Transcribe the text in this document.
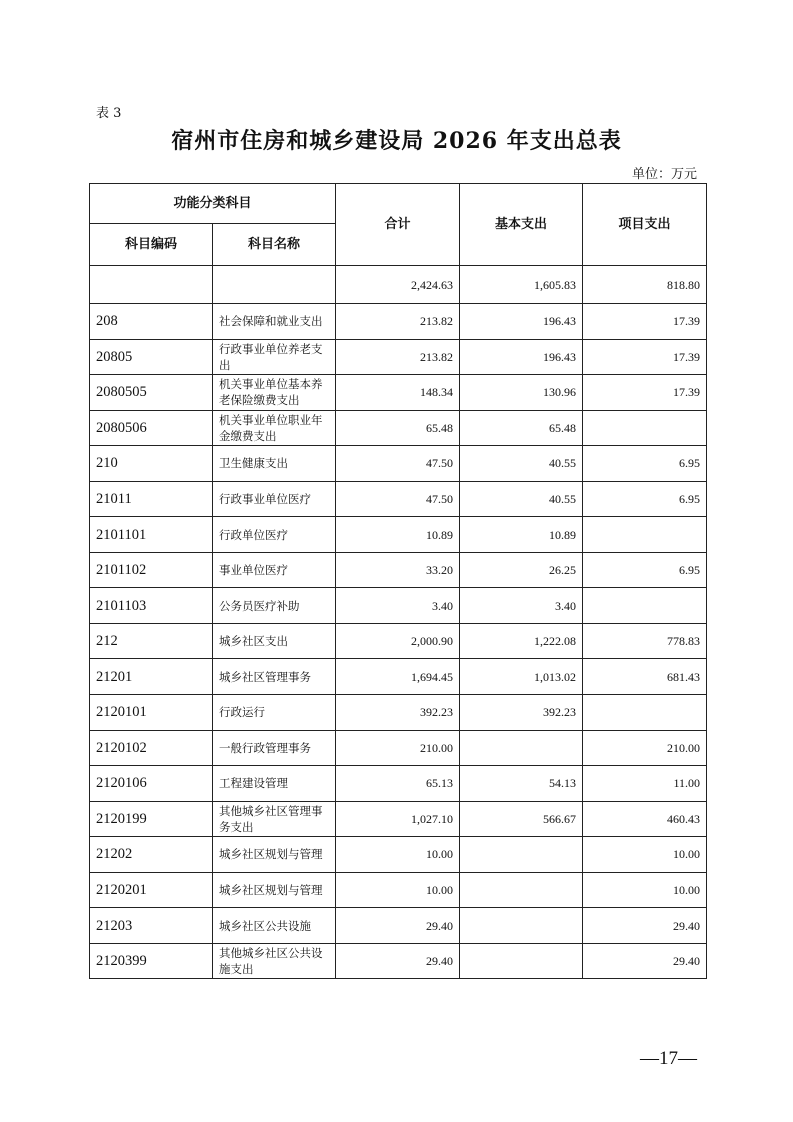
表 3
宿州市住房和城乡建设局 2026 年支出总表
单位：万元
功能分类科目		合计	基本支出	项目支出
科目编码	科目名称			
		2,424.63	1,605.83	818.80
208	社会保障和就业支出	213.82	196.43	17.39
20805	行政事业单位养老支出	213.82	196.43	17.39
2080505	机关事业单位基本养老保险缴费支出	148.34	130.96	17.39
2080506	机关事业单位职业年金缴费支出	65.48	65.48	
210	卫生健康支出	47.50	40.55	6.95
21011	行政事业单位医疗	47.50	40.55	6.95
2101101	行政单位医疗	10.89	10.89	
2101102	事业单位医疗	33.20	26.25	6.95
2101103	公务员医疗补助	3.40	3.40	
212	城乡社区支出	2,000.90	1,222.08	778.83
21201	城乡社区管理事务	1,694.45	1,013.02	681.43
2120101	行政运行	392.23	392.23	
2120102	一般行政管理事务	210.00		210.00
2120106	工程建设管理	65.13	54.13	11.00
2120199	其他城乡社区管理事务支出	1,027.10	566.67	460.43
21202	城乡社区规划与管理	10.00		10.00
2120201	城乡社区规划与管理	10.00		10.00
21203	城乡社区公共设施	29.40		29.40
2120399	其他城乡社区公共设施支出	29.40		29.40
—17—
